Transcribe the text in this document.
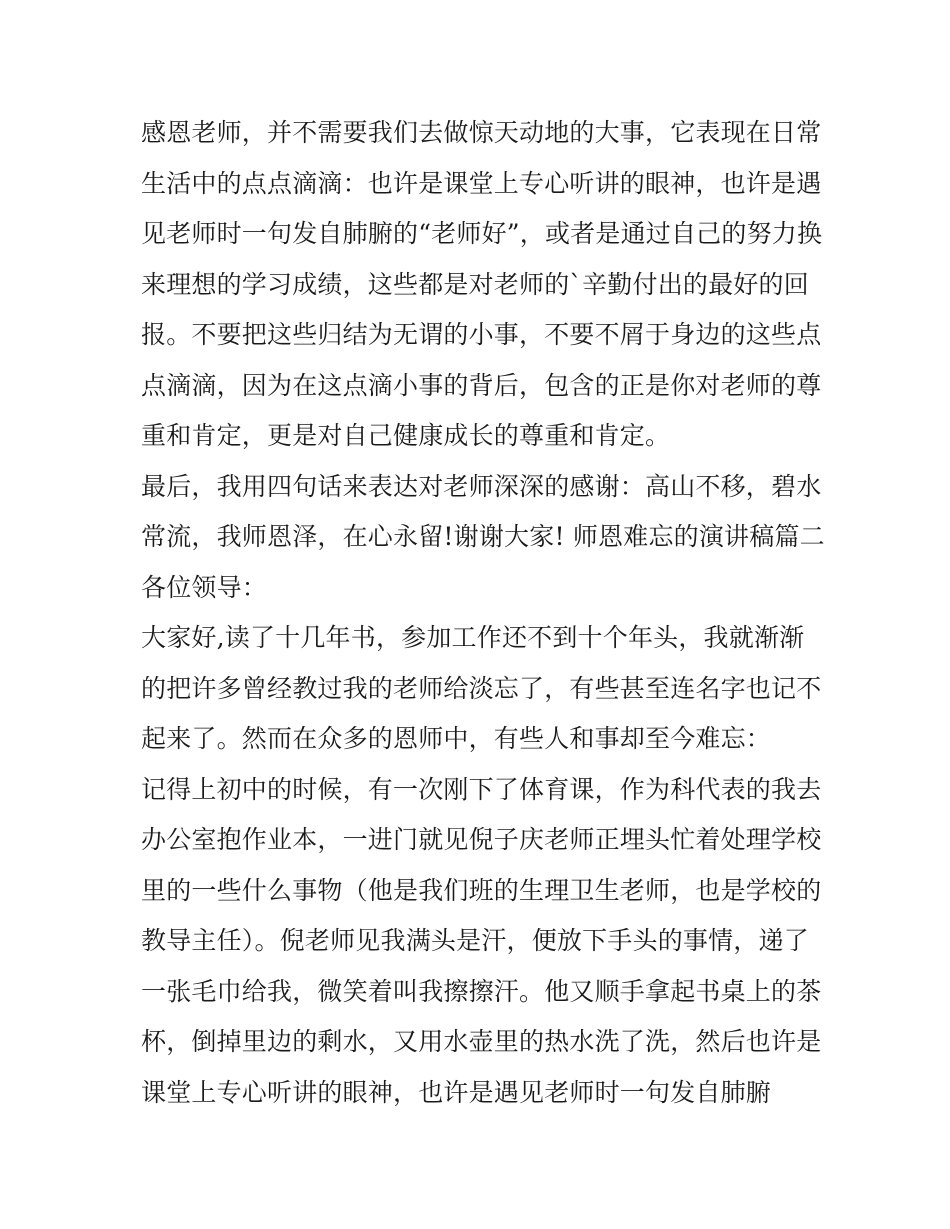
感恩老师，并不需要我们去做惊天动地的大事，它表现在日常
生活中的点点滴滴：也许是课堂上专心听讲的眼神，也许是遇
见老师时一句发自肺腑的“老师好”，或者是通过自己的努力换
来理想的学习成绩，这些都是对老师的`辛勤付出的最好的回
报。不要把这些归结为无谓的小事，不要不屑于身边的这些点
点滴滴，因为在这点滴小事的背后，包含的正是你对老师的尊
重和肯定，更是对自己健康成长的尊重和肯定。
最后，我用四句话来表达对老师深深的感谢：高山不移，碧水
常流，我师恩泽，在心永留!谢谢大家! 师恩难忘的演讲稿篇二
各位领导：
大家好,读了十几年书，参加工作还不到十个年头，我就渐渐
的把许多曾经教过我的老师给淡忘了，有些甚至连名字也记不
起来了。然而在众多的恩师中，有些人和事却至今难忘：
记得上初中的时候，有一次刚下了体育课，作为科代表的我去
办公室抱作业本，一进门就见倪子庆老师正埋头忙着处理学校
里的一些什么事物（他是我们班的生理卫生老师，也是学校的
教导主任）。倪老师见我满头是汗，便放下手头的事情，递了
一张毛巾给我，微笑着叫我擦擦汗。他又顺手拿起书桌上的茶
杯，倒掉里边的剩水，又用水壶里的热水洗了洗，然后也许是
课堂上专心听讲的眼神，也许是遇见老师时一句发自肺腑
